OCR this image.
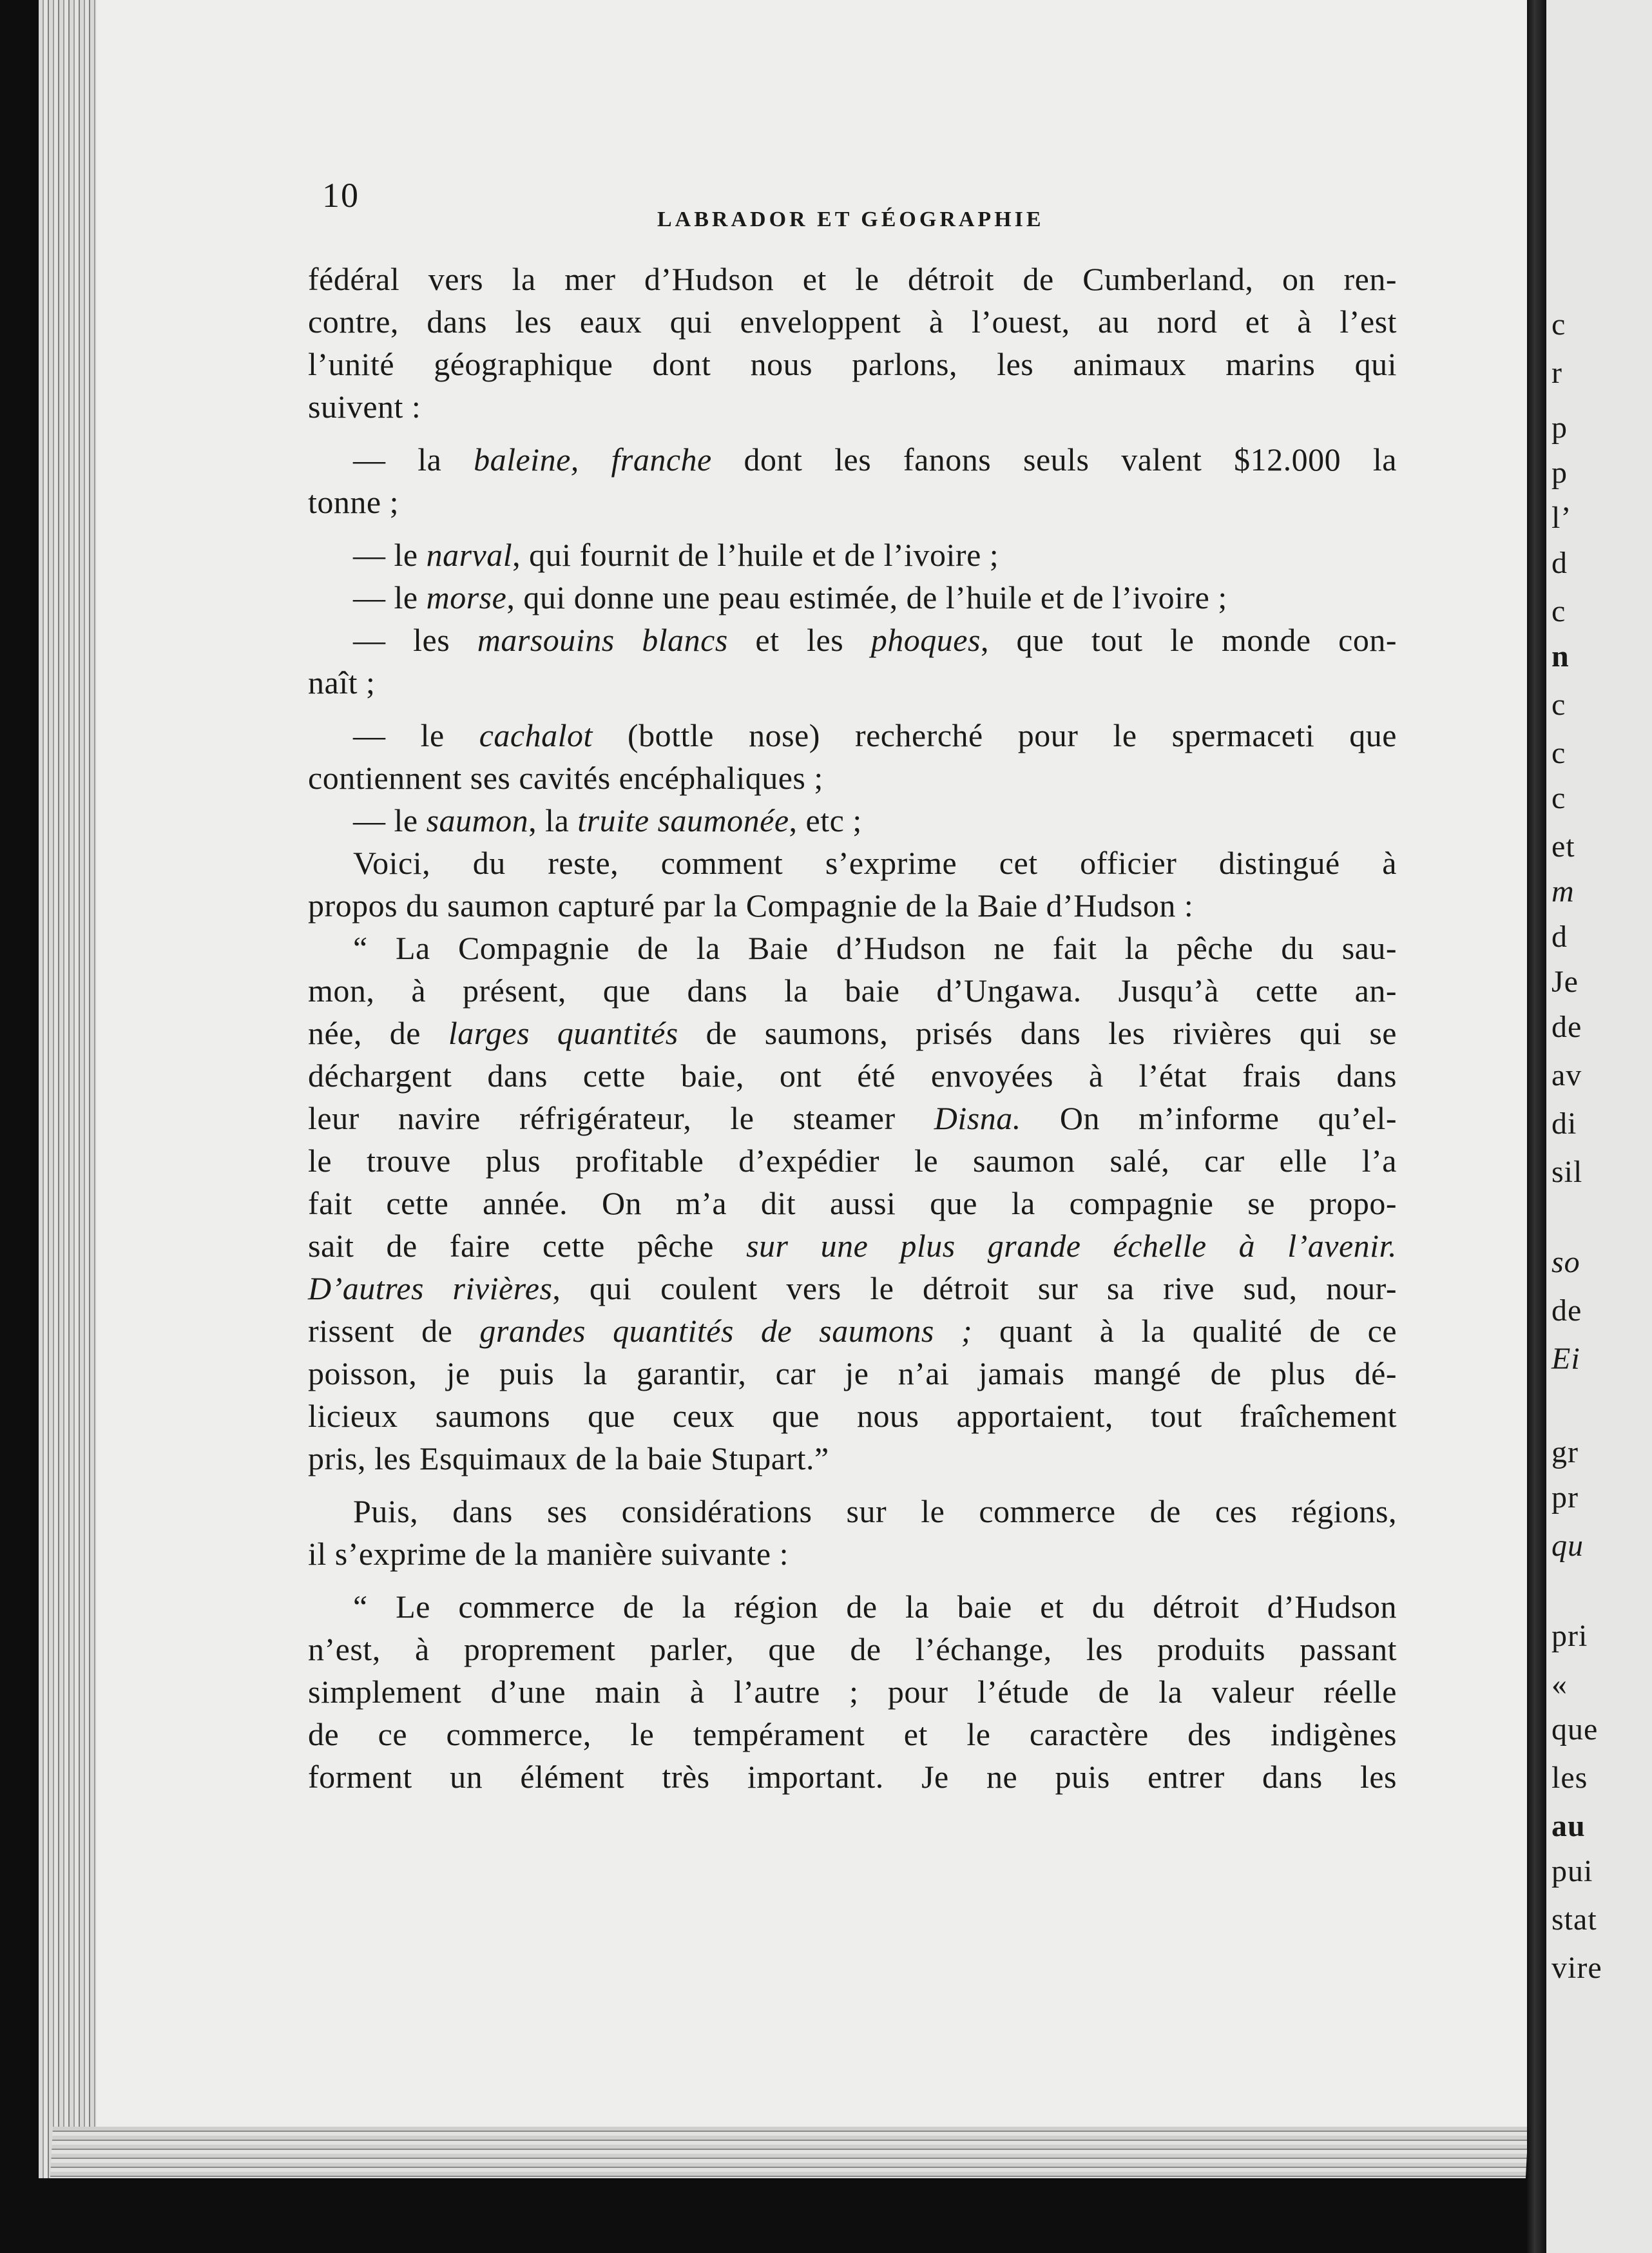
c
r
p
p
l’
d
c
n
c
c
c
et
m
d
Je
de
av
di
sil
so
de
Ei
gr
pr
qu
pri
«
que
les
au
pui
stat
vire
10
LABRADOR ET GÉOGRAPHIE
fédéral vers la mer d’Hudson et le détroit de Cumberland, on ren-
contre, dans les eaux qui enveloppent à l’ouest, au nord et à l’est
l’unité géographique dont nous parlons, les animaux marins qui
suivent :
— la baleine, franche dont les fanons seuls valent $12.000 la
tonne ;
— le narval, qui fournit de l’huile et de l’ivoire ;
— le morse, qui donne une peau estimée, de l’huile et de l’ivoire ;
— les marsouins blancs et les phoques, que tout le monde con-
naît ;
— le cachalot (bottle nose) recherché pour le spermaceti que
contiennent ses cavités encéphaliques ;
— le saumon, la truite saumonée, etc ;
Voici, du reste, comment s’exprime cet officier distingué à
propos du saumon capturé par la Compagnie de la Baie d’Hudson :
“ La Compagnie de la Baie d’Hudson ne fait la pêche du sau-
mon, à présent, que dans la baie d’Ungawa. Jusqu’à cette an-
née, de larges quantités de saumons, prisés dans les rivières qui se
déchargent dans cette baie, ont été envoyées à l’état frais dans
leur navire réfrigérateur, le steamer Disna. On m’informe qu’el-
le trouve plus profitable d’expédier le saumon salé, car elle l’a
fait cette année. On m’a dit aussi que la compagnie se propo-
sait de faire cette pêche sur une plus grande échelle à l’avenir.
D’autres rivières, qui coulent vers le détroit sur sa rive sud, nour-
rissent de grandes quantités de saumons ; quant à la qualité de ce
poisson, je puis la garantir, car je n’ai jamais mangé de plus dé-
licieux saumons que ceux que nous apportaient, tout fraîchement
pris, les Esquimaux de la baie Stupart.”
Puis, dans ses considérations sur le commerce de ces régions,
il s’exprime de la manière suivante :
“ Le commerce de la région de la baie et du détroit d’Hudson
n’est, à proprement parler, que de l’échange, les produits passant
simplement d’une main à l’autre ; pour l’étude de la valeur réelle
de ce commerce, le tempérament et le caractère des indigènes
forment un élément très important. Je ne puis entrer dans les
